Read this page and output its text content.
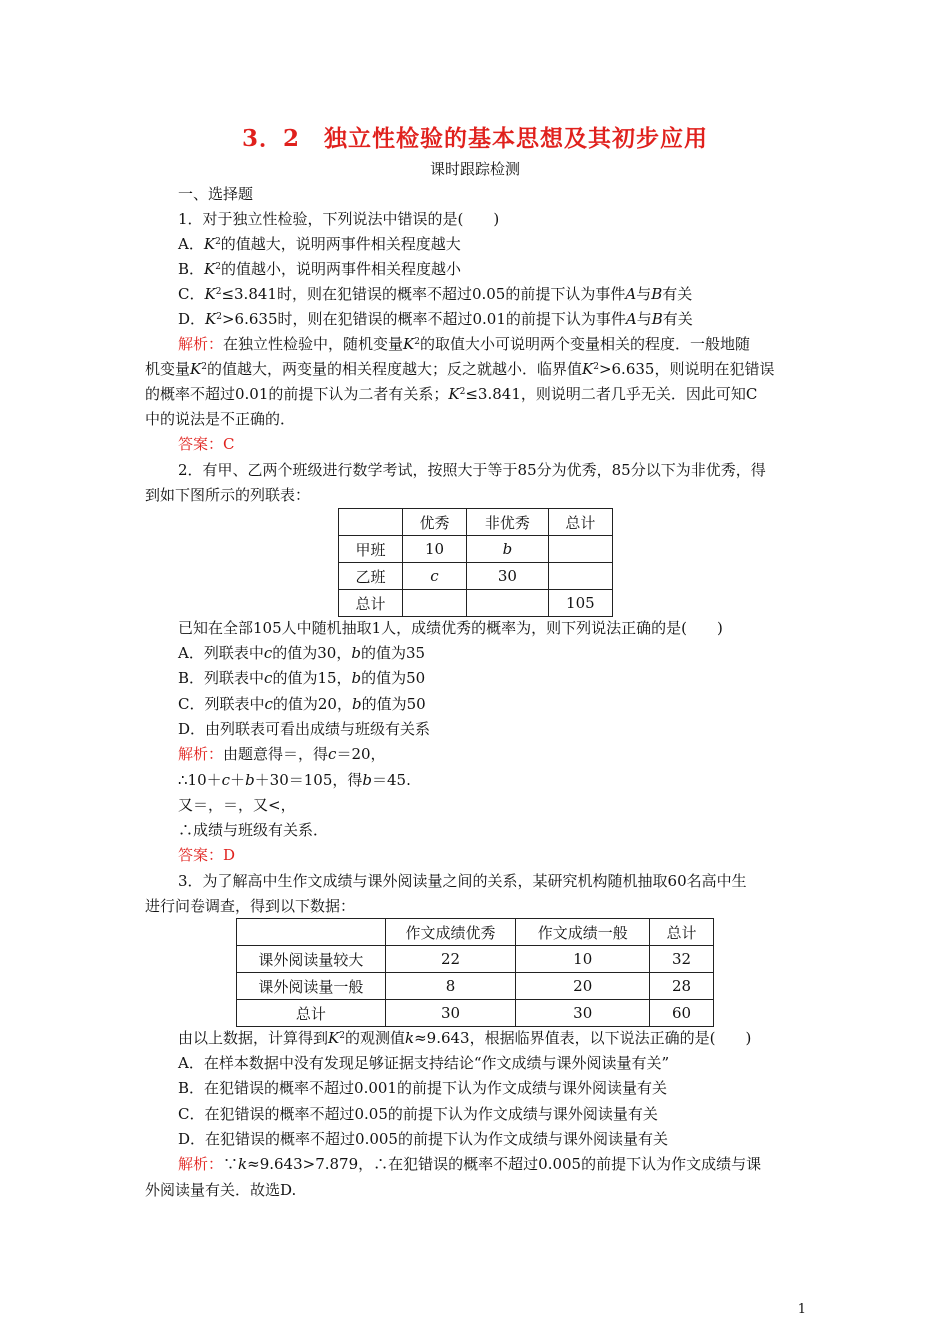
3．2　独立性检验的基本思想及其初步应用
课时跟踪检测
一、选择题
1．对于独立性检验，下列说法中错误的是(　　)
A．$K^2$的值越大，说明两事件相关程度越大
B．$K^2$的值越小，说明两事件相关程度越小
C．$K^2\le 3.841$时，则在犯错误的概率不超过0.05的前提下认为事件A与B有关
D．$K^2>6.635$时，则在犯错误的概率不超过0.01的前提下认为事件A与B有关
解析：在独立性检验中，随机变量$K^2$的取值大小可说明两个变量相关的程度．一般地随
机变量$K^2$的值越大，两变量的相关程度越大；反之就越小．临界值$K^2>6.635$，则说明在犯错误
的概率不超过0.01的前提下认为二者有关系；$K^2\le 3.841$，则说明二者几乎无关．因此可知C
中的说法是不正确的．
答案：C
2．有甲、乙两个班级进行数学考试，按照大于等于85分为优秀，85分以下为非优秀，得
到如下图所示的列联表：
	优秀	非优秀	总计
甲班	10	b	
乙班	c	30	
总计			105
已知在全部105人中随机抽取1人，成绩优秀的概率为，则下列说法正确的是(　　)
A．列联表中c的值为30，b的值为35
B．列联表中c的值为15，b的值为50
C．列联表中c的值为20，b的值为50
D．由列联表可看出成绩与班级有关系
解析：由题意得＝，得c＝20，
∴10＋c＋b＋30＝105，得b＝45.
又＝，＝，又<，
∴成绩与班级有关系．
答案：D
3．为了解高中生作文成绩与课外阅读量之间的关系，某研究机构随机抽取60名高中生
进行问卷调查，得到以下数据：
	作文成绩优秀	作文成绩一般	总计
课外阅读量较大	22	10	32
课外阅读量一般	8	20	28
总计	30	30	60
由以上数据，计算得到$K^2$的观测值k≈9.643，根据临界值表，以下说法正确的是(　　)
A．在样本数据中没有发现足够证据支持结论“作文成绩与课外阅读量有关”
B．在犯错误的概率不超过0.001的前提下认为作文成绩与课外阅读量有关
C．在犯错误的概率不超过0.05的前提下认为作文成绩与课外阅读量有关
D．在犯错误的概率不超过0.005的前提下认为作文成绩与课外阅读量有关
解析：∵k≈9.643>7.879，∴在犯错误的概率不超过0.005的前提下认为作文成绩与课
外阅读量有关．故选D.
1
